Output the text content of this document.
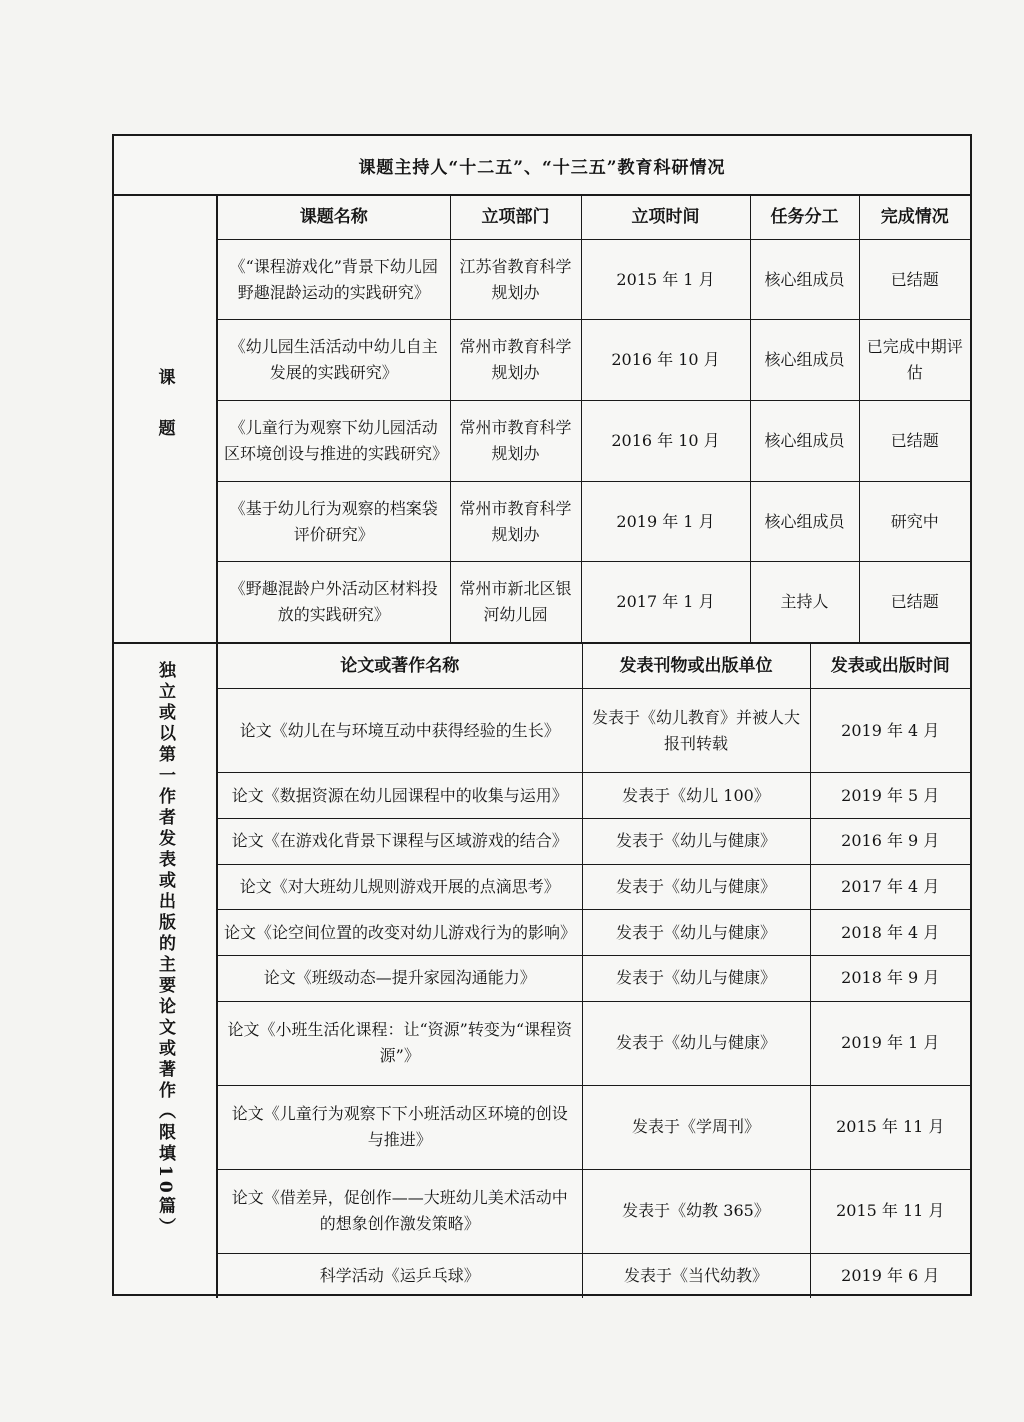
课题主持人“十二五”、“十三五”教育科研情况
课题
课题名称	立项部门	立项时间	任务分工	完成情况
《“课程游戏化”背景下幼儿园野趣混龄运动的实践研究》	江苏省教育科学规划办	2015 年 1 月	核心组成员	已结题
《幼儿园生活活动中幼儿自主发展的实践研究》	常州市教育科学规划办	2016 年 10 月	核心组成员	已完成中期评估
《儿童行为观察下幼儿园活动区环境创设与推进的实践研究》	常州市教育科学规划办	2016 年 10 月	核心组成员	已结题
《基于幼儿行为观察的档案袋评价研究》	常州市教育科学规划办	2019 年 1 月	核心组成员	研究中
《野趣混龄户外活动区材料投放的实践研究》	常州市新北区银河幼儿园	2017 年 1 月	主持人	已结题
独立或以第一作者发表或出版的主要论文或著作（限填10篇）	论文或著作名称	发表刊物或出版单位	发表或出版时间
论文《幼儿在与环境互动中获得经验的生长》	发表于《幼儿教育》并被人大报刊转载	2019 年 4 月
论文《数据资源在幼儿园课程中的收集与运用》	发表于《幼儿 100》	2019 年 5 月
论文《在游戏化背景下课程与区域游戏的结合》	发表于《幼儿与健康》	2016 年 9 月
论文《对大班幼儿规则游戏开展的点滴思考》	发表于《幼儿与健康》	2017 年 4 月
论文《论空间位置的改变对幼儿游戏行为的影响》	发表于《幼儿与健康》	2018 年 4 月
论文《班级动态—提升家园沟通能力》	发表于《幼儿与健康》	2018 年 9 月
论文《小班生活化课程：让“资源”转变为“课程资源”》	发表于《幼儿与健康》	2019 年 1 月
论文《儿童行为观察下下小班活动区环境的创设与推进》	发表于《学周刊》	2015 年 11 月
论文《借差异，促创作——大班幼儿美术活动中的想象创作激发策略》	发表于《幼教 365》	2015 年 11 月
科学活动《运乒乓球》	发表于《当代幼教》	2019 年 6 月
